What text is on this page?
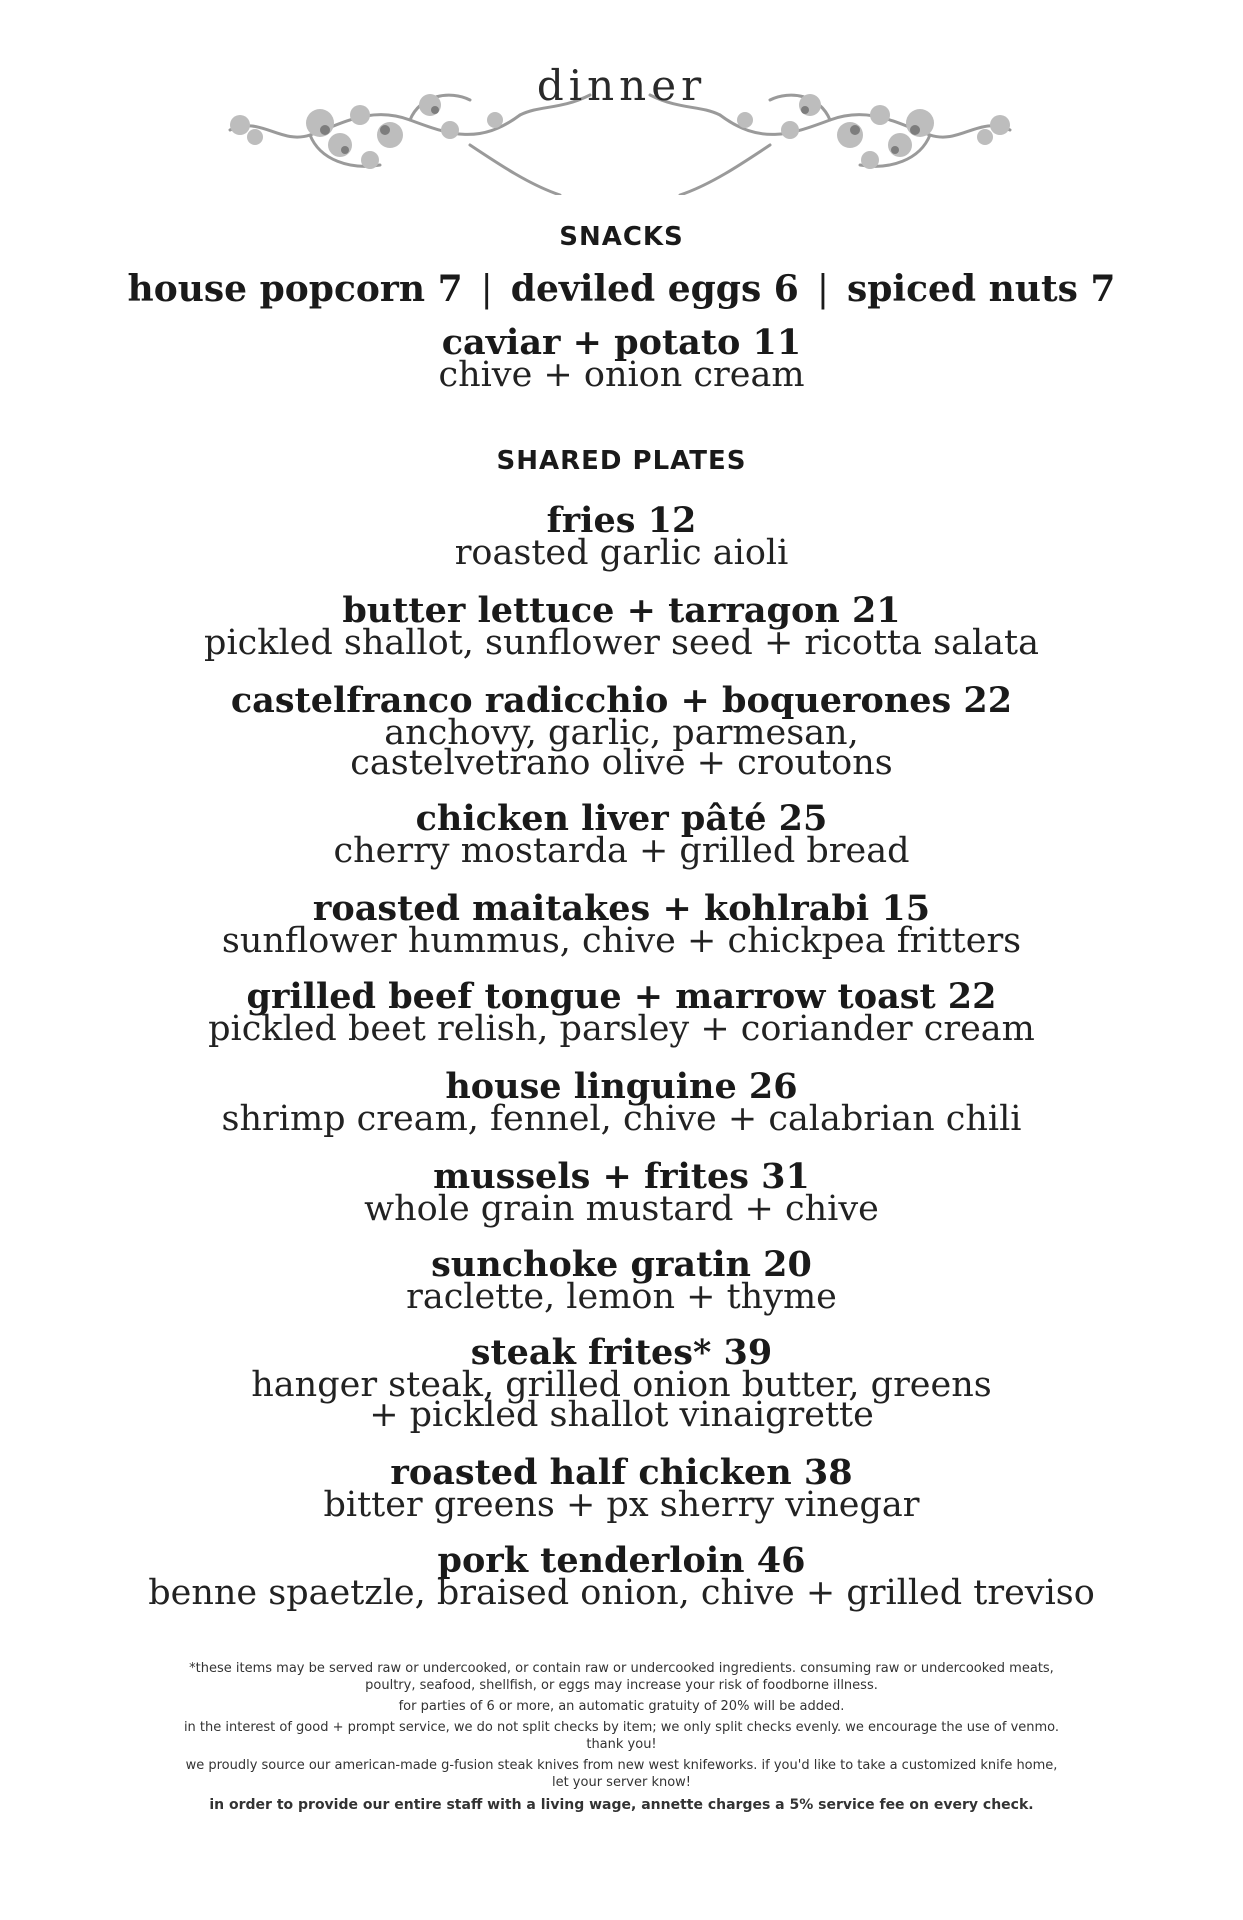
dinner
SNACKS
house popcorn 7 | deviled eggs 6 | spiced nuts 7
caviar + potato 11
chive + onion cream
SHARED PLATES
fries 12
roasted garlic aioli
butter lettuce + tarragon 21
pickled shallot, sunflower seed + ricotta salata
castelfranco radicchio + boquerones 22
anchovy, garlic, parmesan,
castelvetrano olive + croutons
chicken liver pâté 25
cherry mostarda + grilled bread
roasted maitakes + kohlrabi 15
sunflower hummus, chive + chickpea fritters
grilled beef tongue + marrow toast 22
pickled beet relish, parsley + coriander cream
house linguine 26
shrimp cream, fennel, chive + calabrian chili
mussels + frites 31
whole grain mustard + chive
sunchoke gratin 20
raclette, lemon + thyme
steak frites* 39
hanger steak, grilled onion butter, greens
+ pickled shallot vinaigrette
roasted half chicken 38
bitter greens + px sherry vinegar
pork tenderloin 46
benne spaetzle, braised onion, chive + grilled treviso

*these items may be served raw or undercooked, or contain raw or undercooked ingredients. consuming raw or undercooked meats, poultry, seafood, shellfish, or eggs may increase your risk of foodborne illness.

for parties of 6 or more, an automatic gratuity of 20% will be added.

in the interest of good + prompt service, we do not split checks by item; we only split checks evenly. we encourage the use of venmo. thank you!

we proudly source our american-made g-fusion steak knives from new west knifeworks. if you'd like to take a customized knife home, let your server know!

in order to provide our entire staff with a living wage, annette charges a 5% service fee on every check.
